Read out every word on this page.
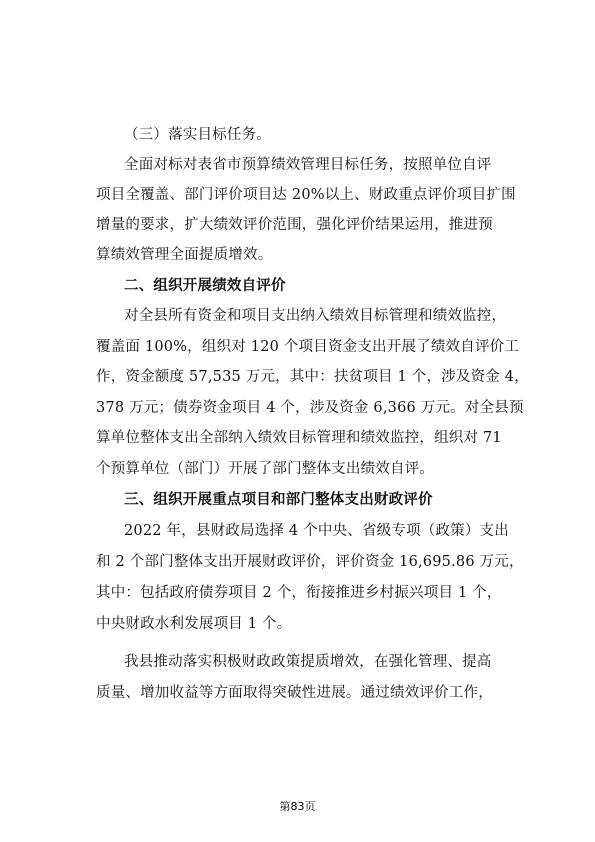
（三）落实目标任务。
全面对标对表省市预算绩效管理目标任务，按照单位自评
项目全覆盖、部门评价项目达 20%以上、财政重点评价项目扩围
增量的要求，扩大绩效评价范围，强化评价结果运用，推进预
算绩效管理全面提质增效。
二、组织开展绩效自评价
对全县所有资金和项目支出纳入绩效目标管理和绩效监控，
覆盖面 100%，组织对 120 个项目资金支出开展了绩效自评价工
作，资金额度 57,535 万元，其中：扶贫项目 1 个，涉及资金 4，
378 万元；债券资金项目 4 个，涉及资金 6,366 万元。对全县预
算单位整体支出全部纳入绩效目标管理和绩效监控，组织对 71
个预算单位（部门）开展了部门整体支出绩效自评。
三、组织开展重点项目和部门整体支出财政评价
2022 年，县财政局选择 4 个中央、省级专项（政策）支出
和 2 个部门整体支出开展财政评价，评价资金 16,695.86 万元，
其中：包括政府债券项目 2 个，衔接推进乡村振兴项目 1 个，
中央财政水利发展项目 1 个。
我县推动落实积极财政政策提质增效，在强化管理、提高
质量、增加收益等方面取得突破性进展。通过绩效评价工作，
第83页
